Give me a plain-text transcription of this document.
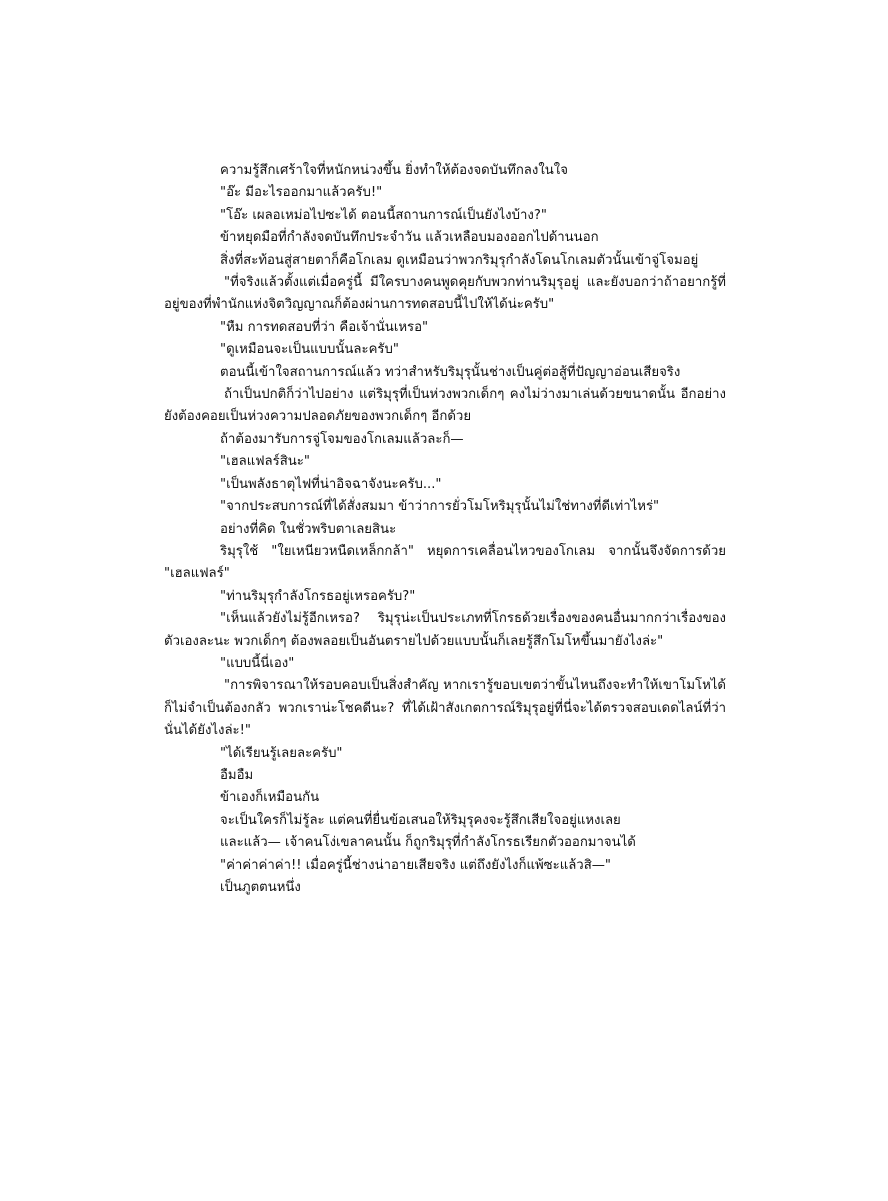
ความรู้สึกเศร้าใจที่หนักหน่วงขึ้น ยิ่งทำให้ต้องจดบันทึกลงในใจ

"อ๊ะ มีอะไรออกมาแล้วครับ!"

"โอ๊ะ เผลอเหม่อไปซะได้ ตอนนี้สถานการณ์เป็นยังไงบ้าง?"

ข้าหยุดมือที่กำลังจดบันทึกประจำวัน แล้วเหลือบมองออกไปด้านนอก

สิ่งที่สะท้อนสู่สายตาก็คือโกเลม ดูเหมือนว่าพวกริมุรุกำลังโดนโกเลมตัวนั้นเข้าจู่โจมอยู่

"ที่จริงแล้วตั้งแต่เมื่อครู่นี้ มีใครบางคนพูดคุยกับพวกท่านริมุรุอยู่ และยังบอกว่าถ้าอยากรู้ที่อยู่ของที่พำนักแห่งจิตวิญญาณก็ต้องผ่านการทดสอบนี้ไปให้ได้น่ะครับ"

"หืม การทดสอบที่ว่า คือเจ้านั่นเหรอ"

"ดูเหมือนจะเป็นแบบนั้นละครับ"

ตอนนี้เข้าใจสถานการณ์แล้ว ทว่าสำหรับริมุรุนั้นช่างเป็นคู่ต่อสู้ที่ปัญญาอ่อนเสียจริง

ถ้าเป็นปกติก็ว่าไปอย่าง แต่ริมุรุที่เป็นห่วงพวกเด็กๆ คงไม่ว่างมาเล่นด้วยขนาดนั้น อีกอย่างยังต้องคอยเป็นห่วงความปลอดภัยของพวกเด็กๆ อีกด้วย

ถ้าต้องมารับการจู่โจมของโกเลมแล้วละก็—

"เฮลแฟลร์สินะ"

"เป็นพลังธาตุไฟที่น่าอิจฉาจังนะครับ..."

"จากประสบการณ์ที่ได้สั่งสมมา ข้าว่าการยั่วโมโหริมุรุนั้นไม่ใช่ทางที่ดีเท่าไหร่"

อย่างที่คิด ในชั่วพริบตาเลยสินะ

ริมุรุใช้ "ใยเหนียวหนืดเหล็กกล้า" หยุดการเคลื่อนไหวของโกเลม จากนั้นจึงจัดการด้วย "เฮลแฟลร์"

"ท่านริมุรุกำลังโกรธอยู่เหรอครับ?"

"เห็นแล้วยังไม่รู้อีกเหรอ? ริมุรุน่ะเป็นประเภทที่โกรธด้วยเรื่องของคนอื่นมากกว่าเรื่องของตัวเองละนะ พวกเด็กๆ ต้องพลอยเป็นอันตรายไปด้วยแบบนั้นก็เลยรู้สึกโมโหขึ้นมายังไงล่ะ"

"แบบนี้นี่เอง"

"การพิจารณาให้รอบคอบเป็นสิ่งสำคัญ หากเรารู้ขอบเขตว่าขั้นไหนถึงจะทำให้เขาโมโหได้ก็ไม่จำเป็นต้องกลัว พวกเราน่ะโชคดีนะ? ที่ได้เฝ้าสังเกตการณ์ริมุรุอยู่ที่นี่จะได้ตรวจสอบเดดไลน์ที่ว่านั่นได้ยังไงล่ะ!"

"ได้เรียนรู้เลยละครับ"

อืมอืม

ข้าเองก็เหมือนกัน

จะเป็นใครก็ไม่รู้ละ แต่คนที่ยื่นข้อเสนอให้ริมุรุคงจะรู้สึกเสียใจอยู่แหงเลย

และแล้ว— เจ้าคนโง่เขลาคนนั้น ก็ถูกริมุรุที่กำลังโกรธเรียกตัวออกมาจนได้

"ค่าค่าค่าค่า!! เมื่อครู่นี้ช่างน่าอายเสียจริง แต่ถึงยังไงก็แพ้ซะแล้วสิ—"

เป็นภูตตนหนึ่ง
